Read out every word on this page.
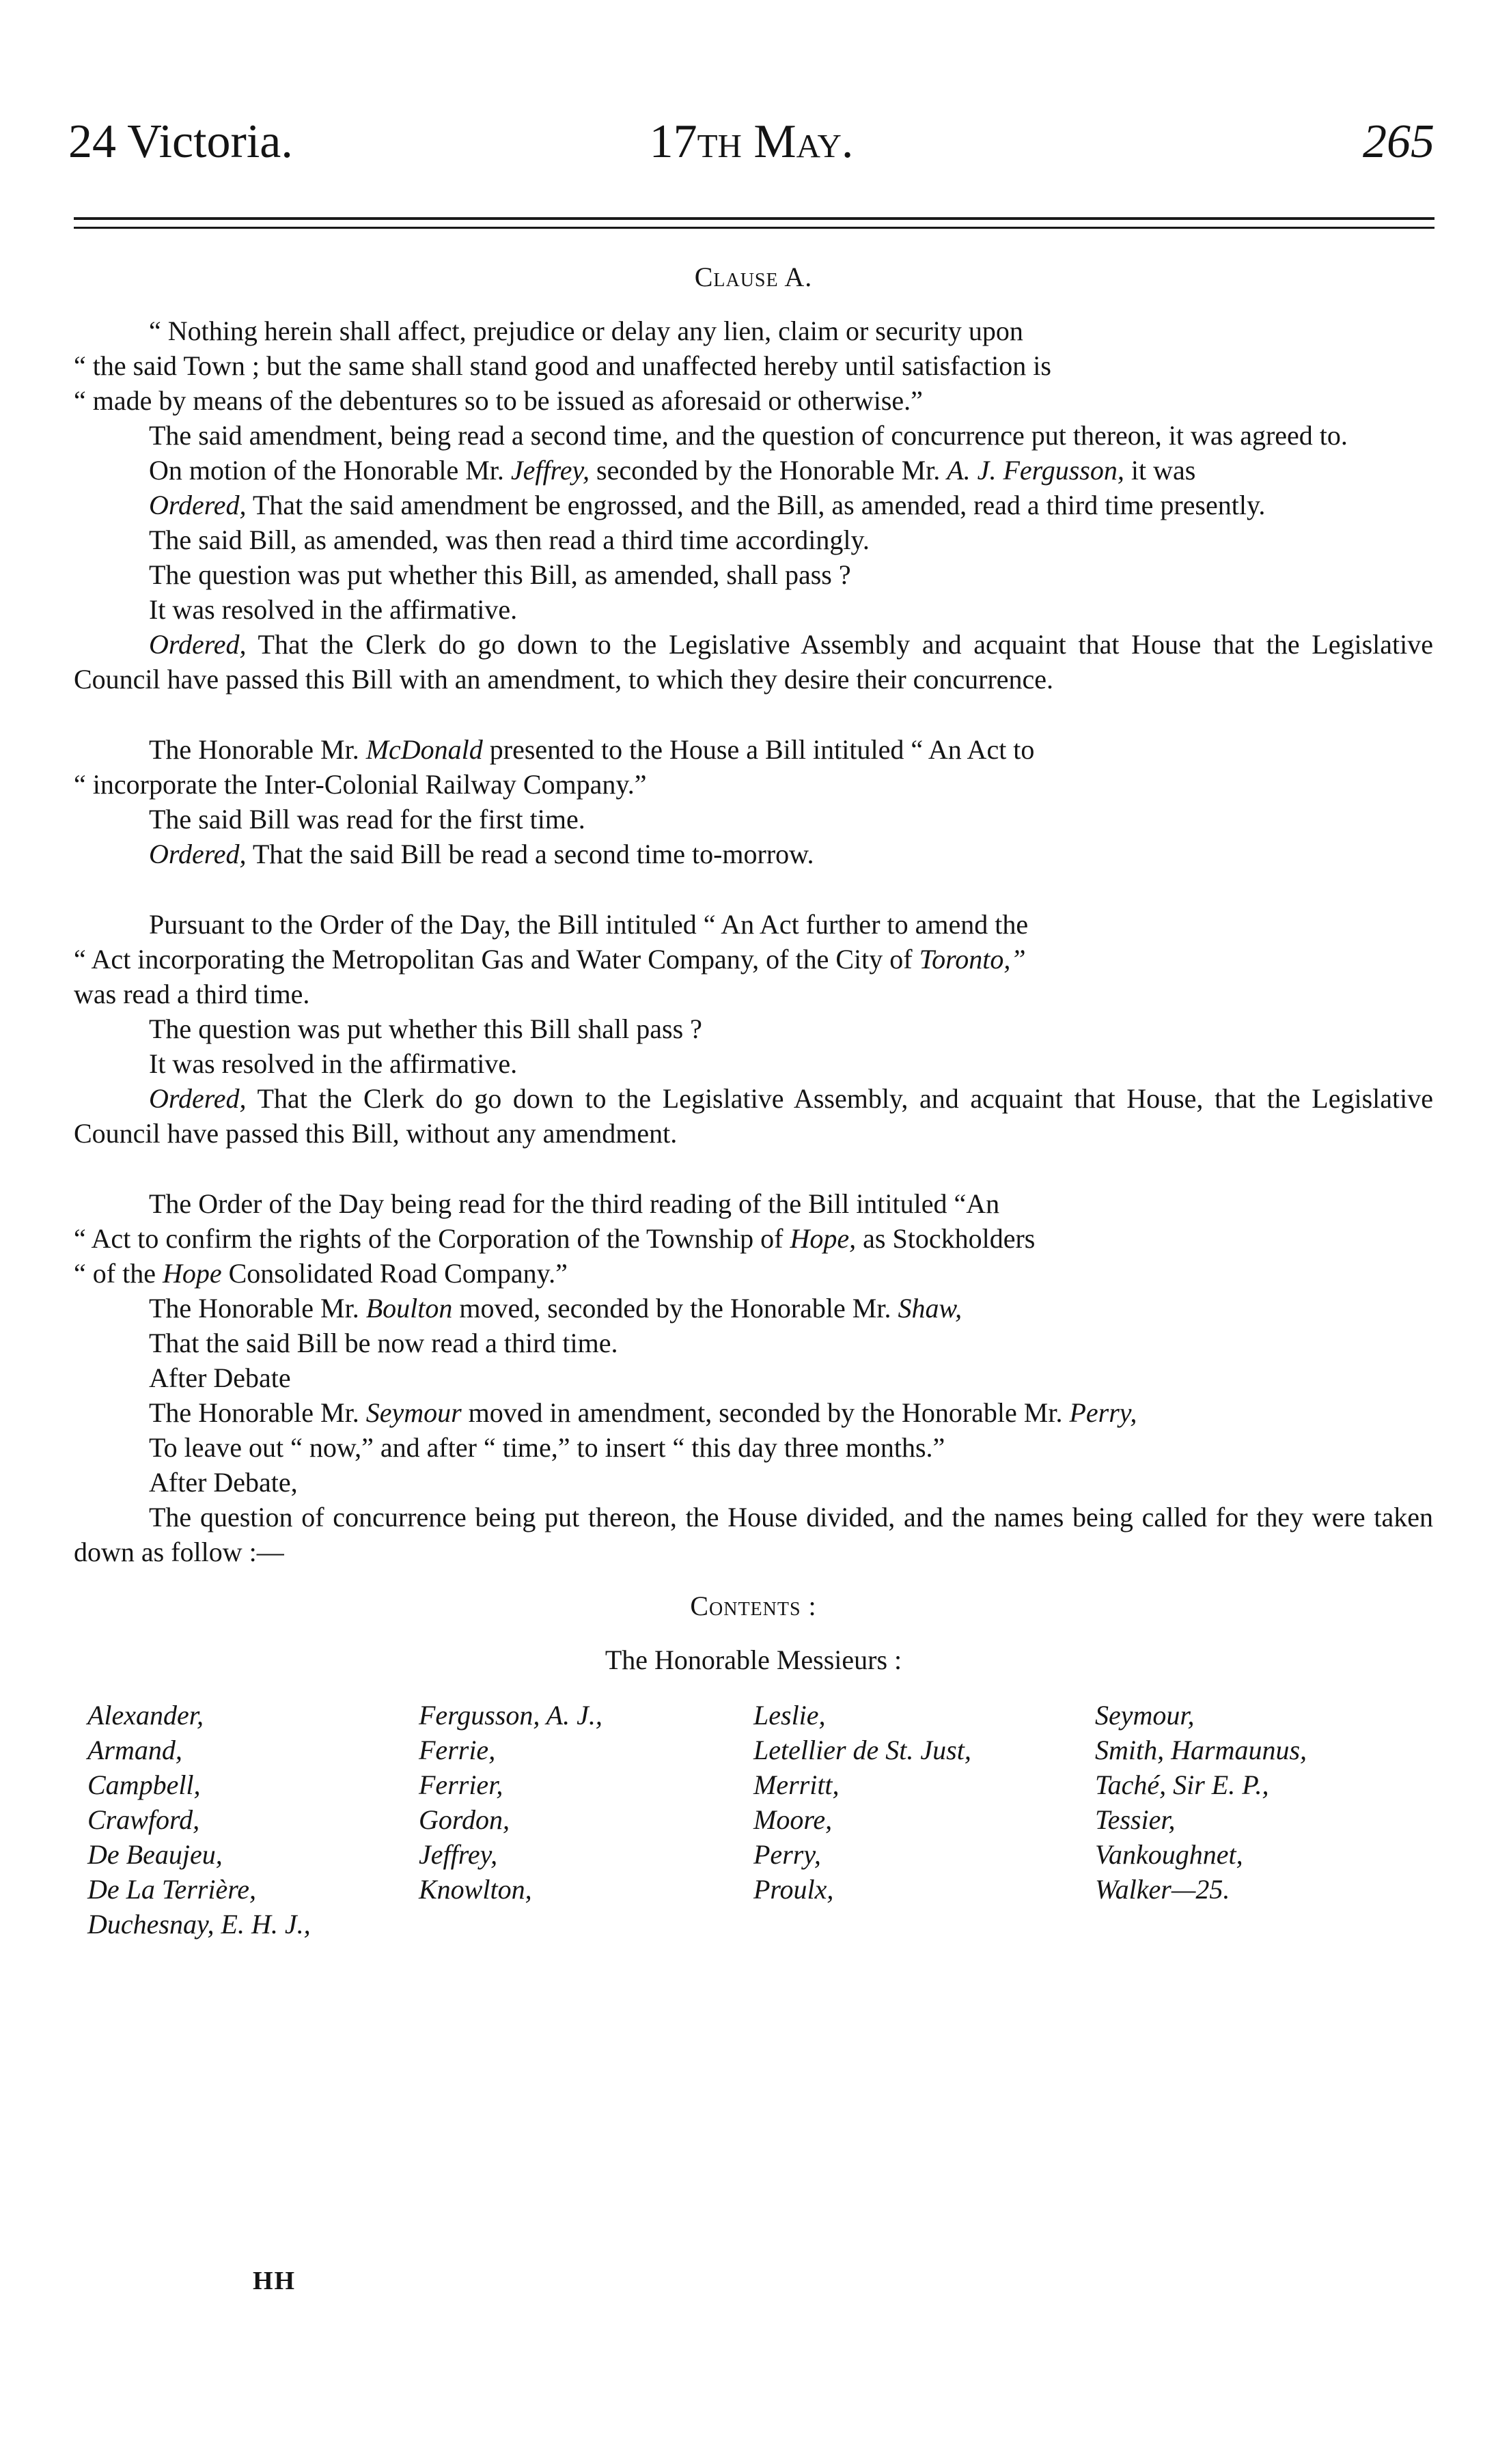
24 Victoria.	17th May.	265

Clause A.

“ Nothing herein shall affect, prejudice or delay any lien, claim or security upon

“ the said Town ; but the same shall stand good and unaffected hereby until satisfaction is

“ made by means of the debentures so to be issued as aforesaid or otherwise.”

The said amendment, being read a second time, and the question of concurrence put thereon, it was agreed to.

On motion of the Honorable Mr. Jeffrey, seconded by the Honorable Mr. A. J. Fergusson, it was

Ordered, That the said amendment be engrossed, and the Bill, as amended, read a third time presently.

The said Bill, as amended, was then read a third time accordingly.

The question was put whether this Bill, as amended, shall pass ?

It was resolved in the affirmative.

Ordered, That the Clerk do go down to the Legislative Assembly and acquaint that House that the Legislative Council have passed this Bill with an amendment, to which they desire their concurrence.

The Honorable Mr. McDonald presented to the House a Bill intituled “ An Act to

“ incorporate the Inter-Colonial Railway Company.”

The said Bill was read for the first time.

Ordered, That the said Bill be read a second time to-morrow.

Pursuant to the Order of the Day, the Bill intituled “ An Act further to amend the

“ Act incorporating the Metropolitan Gas and Water Company, of the City of Toronto,”

was read a third time.

The question was put whether this Bill shall pass ?

It was resolved in the affirmative.

Ordered, That the Clerk do go down to the Legislative Assembly, and acquaint that House, that the Legislative Council have passed this Bill, without any amendment.

The Order of the Day being read for the third reading of the Bill intituled “An

“ Act to confirm the rights of the Corporation of the Township of Hope, as Stockholders

“ of the Hope Consolidated Road Company.”

The Honorable Mr. Boulton moved, seconded by the Honorable Mr. Shaw,

That the said Bill be now read a third time.

After Debate

The Honorable Mr. Seymour moved in amendment, seconded by the Honorable Mr. Perry,

To leave out “ now,” and after “ time,” to insert “ this day three months.”

After Debate,

The question of concurrence being put thereon, the House divided, and the names being called for they were taken down as follow :—

Contents :

The Honorable Messieurs :

Alexander,
Armand,
Campbell,
Crawford,
De Beaujeu,
De La Terrière,
Duchesnay, E. H. J.,
Fergusson, A. J.,
Ferrie,
Ferrier,
Gordon,
Jeffrey,
Knowlton,
Leslie,
Letellier de St. Just,
Merritt,
Moore,
Perry,
Proulx,
Seymour,
Smith, Harmaunus,
Taché, Sir E. P.,
Tessier,
Vankoughnet,
Walker—25.
HH
